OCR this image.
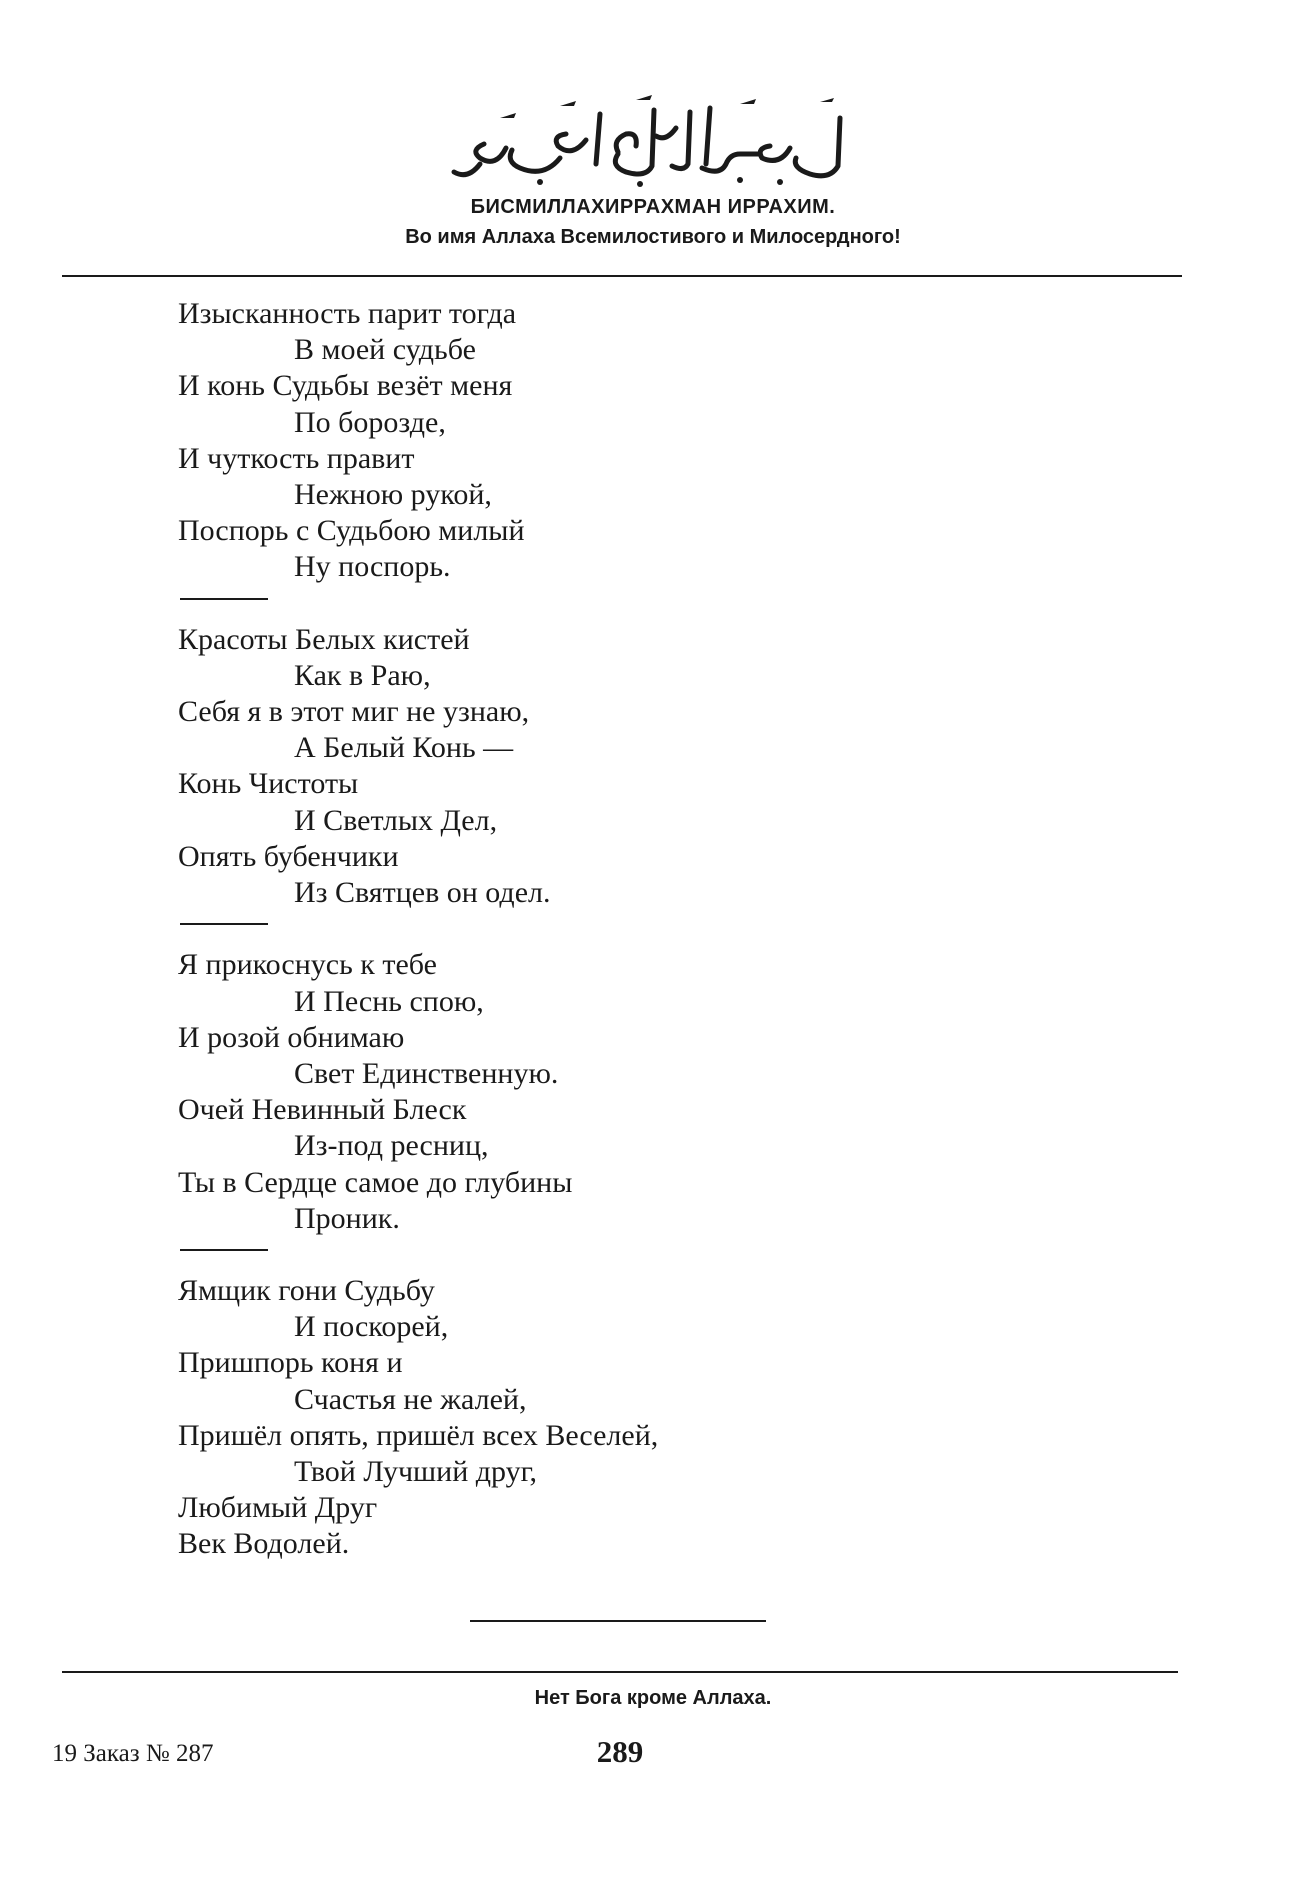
БИСМИЛЛАХИРРАХМАН ИРРАХИМ.
Во имя Аллаха Всемилостивого и Милосердного!
Изысканность парит тогда
В моей судьбе
И конь Судьбы везёт меня
По борозде,
И чуткость правит
Нежною рукой,
Поспорь с Судьбою милый
Ну поспорь.
Красоты Белых кистей
Как в Раю,
Себя я в этот миг не узнаю,
А Белый Конь —
Конь Чистоты
И Светлых Дел,
Опять бубенчики
Из Святцев он одел.
Я прикоснусь к тебе
И Песнь спою,
И розой обнимаю
Свет Единственную.
Очей Невинный Блеск
Из-под ресниц,
Ты в Сердце самое до глубины
Проник.
Ямщик гони Судьбу
И поскорей,
Пришпорь коня и
Счастья не жалей,
Пришёл опять, пришёл всех Веселей,
Твой Лучший друг,
Любимый Друг
Век Водолей.
Нет Бога кроме Аллаха.
19 Заказ № 287	289
